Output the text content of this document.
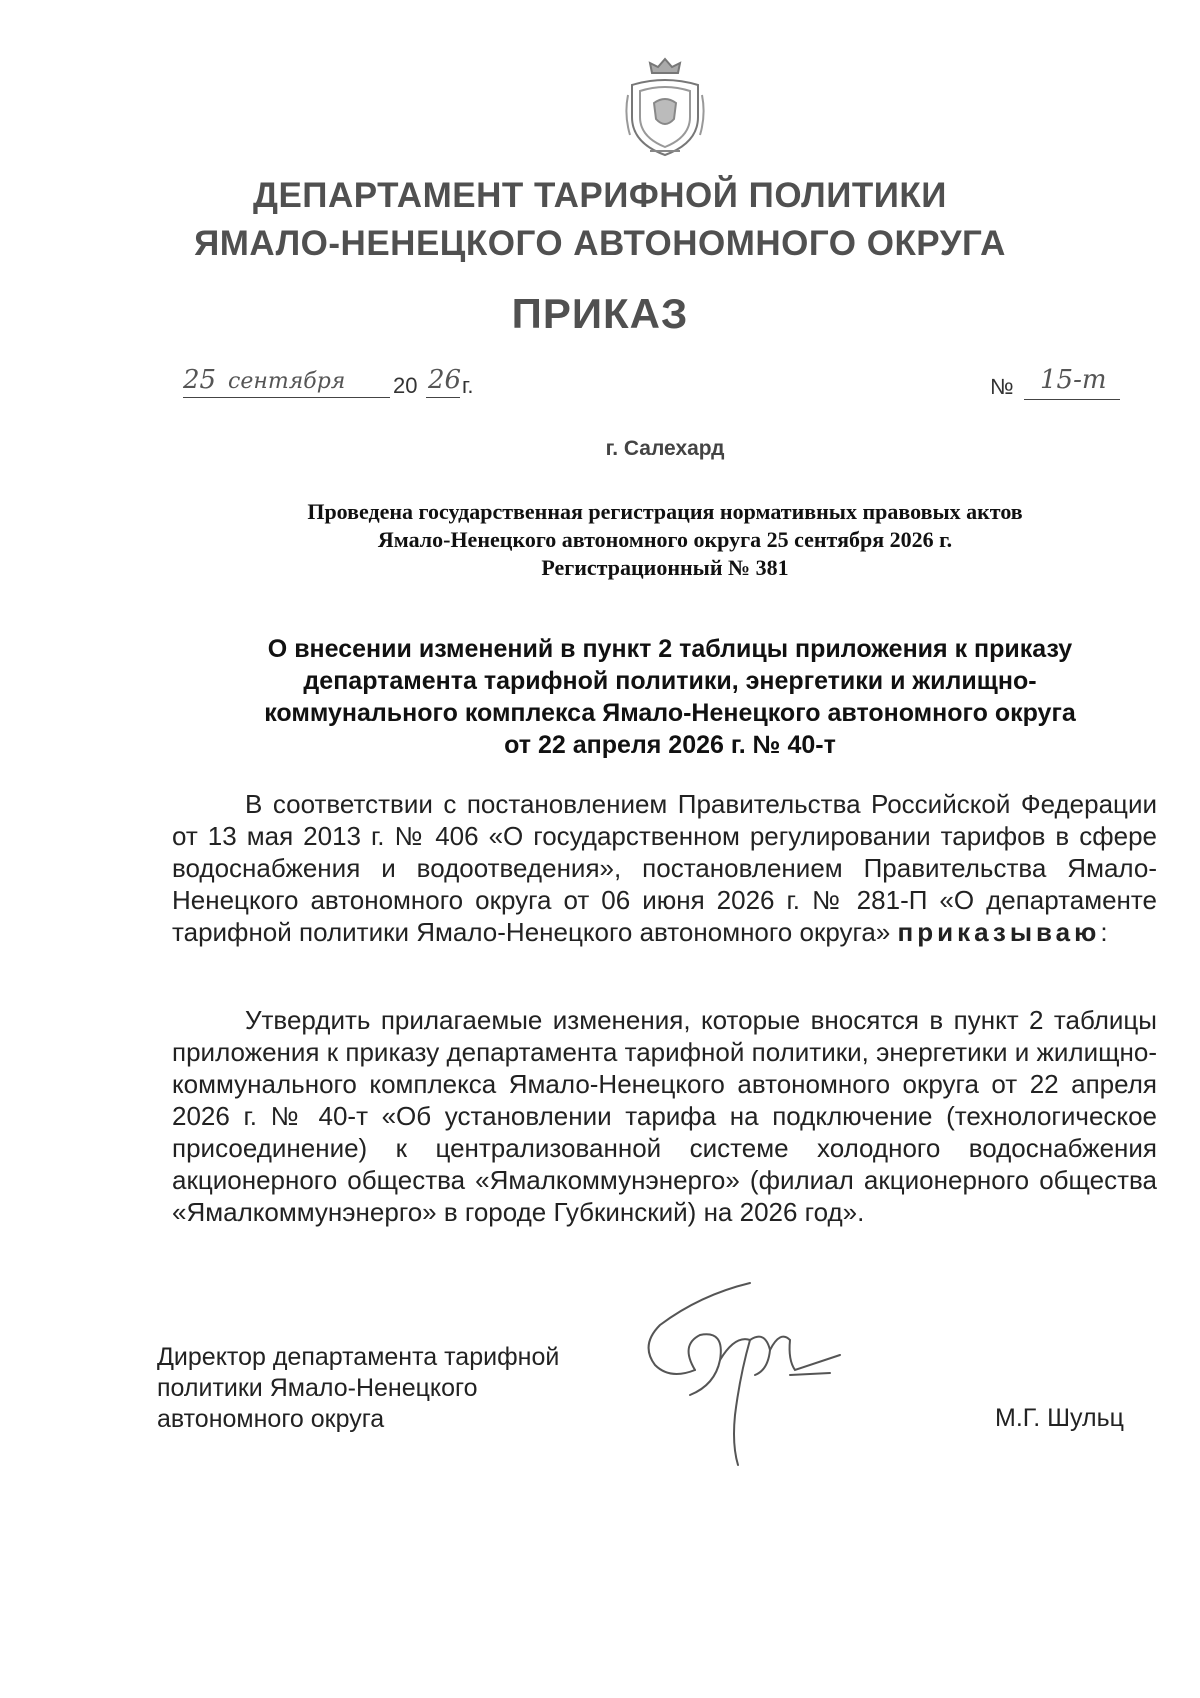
ДЕПАРТАМЕНТ ТАРИФНОЙ ПОЛИТИКИ
ЯМАЛО-НЕНЕЦКОГО АВТОНОМНОГО ОКРУГА
ПРИКАЗ
25 сентября 20 26 г.	№ 15-т
г. Салехард
Проведена государственная регистрация нормативных правовых актов
Ямало-Ненецкого автономного округа 25 сентября 2026 г.
Регистрационный № 381
О внесении изменений в пункт 2 таблицы приложения к приказу
департамента тарифной политики, энергетики и жилищно-
коммунального комплекса Ямало-Ненецкого автономного округа
от 22 апреля 2026 г. № 40-т

В соответствии с постановлением Правительства Российской Федерации от 13 мая 2013 г. № 406 «О государственном регулировании тарифов в сфере водоснабжения и водоотведения», постановлением Правительства Ямало-Ненецкого автономного округа от 06 июня 2026 г. № 281-П «О департаменте тарифной политики Ямало-Ненецкого автономного округа» приказываю:

Утвердить прилагаемые изменения, которые вносятся в пункт 2 таблицы приложения к приказу департамента тарифной политики, энергетики и жилищно-коммунального комплекса Ямало-Ненецкого автономного округа от 22 апреля 2026 г. № 40-т «Об установлении тарифа на подключение (технологическое присоединение) к централизованной системе холодного водоснабжения акционерного общества «Ямалкоммунэнерго» (филиал акционерного общества «Ямалкоммунэнерго» в городе Губкинский) на 2026 год».

Директор департамента тарифной
политики Ямало-Ненецкого
автономного округа	М.Г. Шульц
